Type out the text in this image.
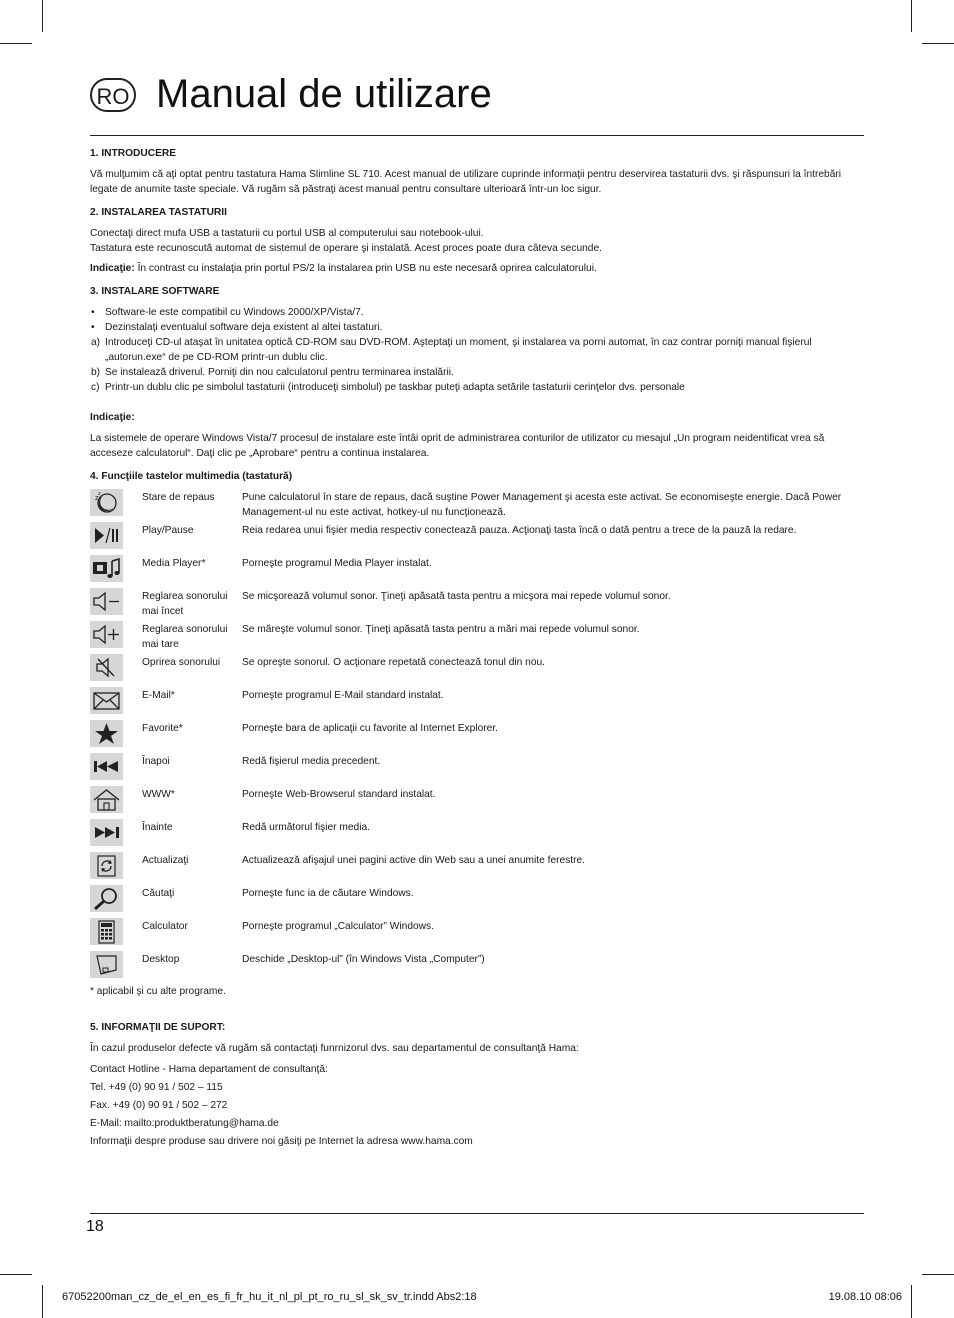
RO Manual de utilizare

1. INTRODUCERE

Vă mulţumim că aţi optat pentru tastatura Hama Slimline SL 710. Acest manual de utilizare cuprinde informaţii pentru deservirea tastaturii dvs. şi răspunsuri la întrebări legate de anumite taste speciale. Vă rugăm să păstraţi acest manual pentru consultare ulterioară într-un loc sigur.

2. INSTALAREA TASTATURII

Conectaţi direct mufa USB a tastaturii cu portul USB al computerului sau notebook-ului.

Tastatura este recunoscută automat de sistemul de operare şi instalată. Acest proces poate dura câteva secunde.

Indicaţie: În contrast cu instalaţia prin portul PS/2 la instalarea prin USB nu este necesară oprirea calculatorului.

3. INSTALARE SOFTWARE

• Software-le este compatibil cu Windows 2000/XP/Vista/7.

• Dezinstalaţi eventualul software deja existent al altei tastaturi.

a) Introduceţi CD-ul ataşat în unitatea optică CD-ROM sau DVD-ROM. Aşteptaţi un moment, şi instalarea va porni automat, în caz contrar porniţi manual fişierul „autorun.exe“ de pe CD-ROM printr-un dublu clic.

b) Se instalează driverul. Porniţi din nou calculatorul pentru terminarea instalării.

c) Printr-un dublu clic pe simbolul tastaturii (introduceţi simbolul) pe taskbar puteţi adapta setările tastaturii cerinţelor dvs. personale

Indicaţie:

La sistemele de operare Windows Vista/7 procesul de instalare este întâi oprit de administrarea conturilor de utilizator cu mesajul „Un program neidentificat vrea să acceseze calculatorul“. Daţi clic pe „Aprobare“ pentru a continua instalarea.

4. Funcţiile tastelor multimedia (tastatură)

z z	Stare de repaus	Pune calculatorul în stare de repaus, dacă suştine Power Management şi acesta este activat. Se economiseşte energie. Dacă Power Management-ul nu este activat, hotkey-ul nu funcţionează.

	Play/Pause	Reia redarea unui fişier media respectiv conectează pauza. Acţionaţi tasta încă o dată pentru a trece de la pauză la redare.

	Media Player*	Porneşte programul Media Player instalat.

	Reglarea sonorului mai încet	Se micşorează volumul sonor. Ţineţi apăsată tasta pentru a micşora mai repede volumul sonor.

	Reglarea sonorului mai tare	Se măreşte volumul sonor. Ţineţi apăsată tasta pentru a mări mai repede volumul sonor.

	Oprirea sonorului	Se opreşte sonorul. O acţionare repetată conectează tonul din nou.

	E-Mail*	Porneşte programul E-Mail standard instalat.

	Favorite*	Porneşte bara de aplicaţii cu favorite al Internet Explorer.

	Înapoi	Redă fişierul media precedent.

	WWW*	Porneşte Web-Browserul standard instalat.

	Înainte	Redă următorul fişier media.

	Actualizaţi	Actualizează afişajul unei pagini active din Web sau a unei anumite ferestre.

	Căutaţi	Porneşte func ia de căutare Windows.

	Calculator	Porneşte programul „Calculator” Windows.

	Desktop	Deschide „Desktop-ul” (în Windows Vista „Computer”)

* aplicabil şi cu alte programe.

5. INFORMAŢII DE SUPORT:

În cazul produselor defecte vă rugăm să contactaţi funrnizorul dvs. sau departamentul de consultanţă Hama:

Contact Hotline - Hama departament de consultanţă:

Tel. +49 (0) 90 91 / 502 – 115

Fax. +49 (0) 90 91 / 502 – 272

E-Mail: mailto:produktberatung@hama.de

Informaţii despre produse sau drivere noi găsiţi pe Internet la adresa www.hama.com

18
67052200man_cz_de_el_en_es_fi_fr_hu_it_nl_pl_pt_ro_ru_sl_sk_sv_tr.indd Abs2:18	19.08.10 08:06
